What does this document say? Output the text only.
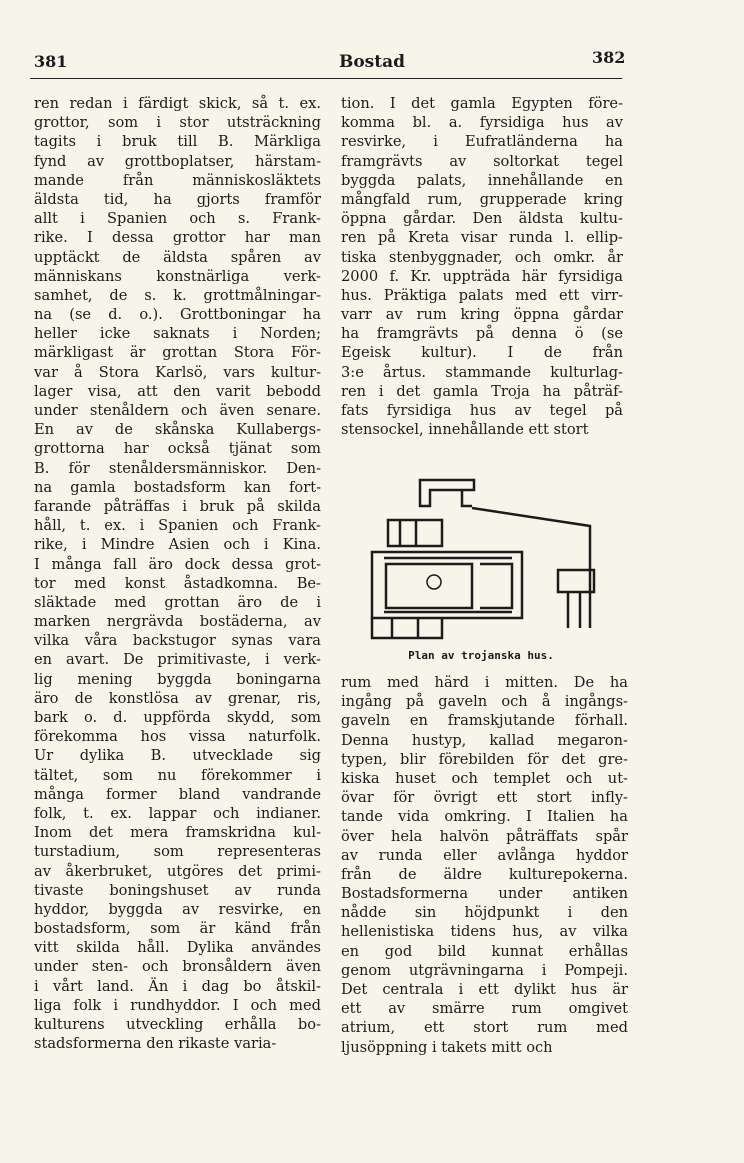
381	Bostad	382
ren redan i färdigt skick, så t. ex.
grottor, som i stor utsträckning
tagits i bruk till B. Märkliga
fynd av grottboplatser, härstam-
mande från människosläktets
äldsta tid, ha gjorts framför
allt i Spanien och s. Frank-
rike. I dessa grottor har man
upptäckt de äldsta spåren av
människans konstnärliga verk-
samhet, de s. k. grottmålningar-
na (se d. o.). Grottboningar ha
heller icke saknats i Norden;
märkligast är grottan Stora För-
var å Stora Karlsö, vars kultur-
lager visa, att den varit bebodd
under stenåldern och även senare.
En av de skånska Kullabergs-
grottorna har också tjänat som
B. för stenåldersmänniskor. Den-
na gamla bostadsform kan fort-
farande påträffas i bruk på skilda
håll, t. ex. i Spanien och Frank-
rike, i Mindre Asien och i Kina.
I många fall äro dock dessa grot-
tor med konst åstadkomna. Be-
släktade med grottan äro de i
marken nergrävda bostäderna, av
vilka våra backstugor synas vara
en avart. De primitivaste, i verk-
lig mening byggda boningarna
äro de konstlösa av grenar, ris,
bark o. d. uppförda skydd, som
förekomma hos vissa naturfolk.
Ur dylika B. utvecklade sig
tältet, som nu förekommer i
många former bland vandrande
folk, t. ex. lappar och indianer.
Inom det mera framskridna kul-
turstadium, som representeras
av åkerbruket, utgöres det primi-
tivaste boningshuset av runda
hyddor, byggda av resvirke, en
bostadsform, som är känd från
vitt skilda håll. Dylika användes
under sten- och bronsåldern även
i vårt land. Än i dag bo åtskil-
liga folk i rundhyddor. I och med
kulturens utveckling erhålla bo-
stadsformerna den rikaste varia-
tion. I det gamla Egypten före-
komma bl. a. fyrsidiga hus av
resvirke, i Eufratländerna ha
framgrävts av soltorkat tegel
byggda palats, innehållande en
mångfald rum, grupperade kring
öppna gårdar. Den äldsta kultu-
ren på Kreta visar runda l. ellip-
tiska stenbyggnader, och omkr. år
2000 f. Kr. uppträda här fyrsidiga
hus. Präktiga palats med ett virr-
varr av rum kring öppna gårdar
ha framgrävts på denna ö (se
Egeisk kultur). I de från
3:e årtus. stammande kulturlag-
ren i det gamla Troja ha påträf-
fats fyrsidiga hus av tegel på
stensockel, innehållande ett stort
Plan av trojanska hus.
rum med härd i mitten. De ha
ingång på gaveln och å ingångs-
gaveln en framskjutande förhall.
Denna hustyp, kallad megaron-
typen, blir förebilden för det gre-
kiska huset och templet och ut-
övar för övrigt ett stort infly-
tande vida omkring. I Italien ha
över hela halvön påträffats spår
av runda eller avlånga hyddor
från de äldre kulturepokerna.
Bostadsformerna under antiken
nådde sin höjdpunkt i den
hellenistiska tidens hus, av vilka
en god bild kunnat erhållas
genom utgrävningarna i Pompeji.
Det centrala i ett dylikt hus är
ett av smärre rum omgivet
atrium, ett stort rum med
ljusöppning i takets mitt och
